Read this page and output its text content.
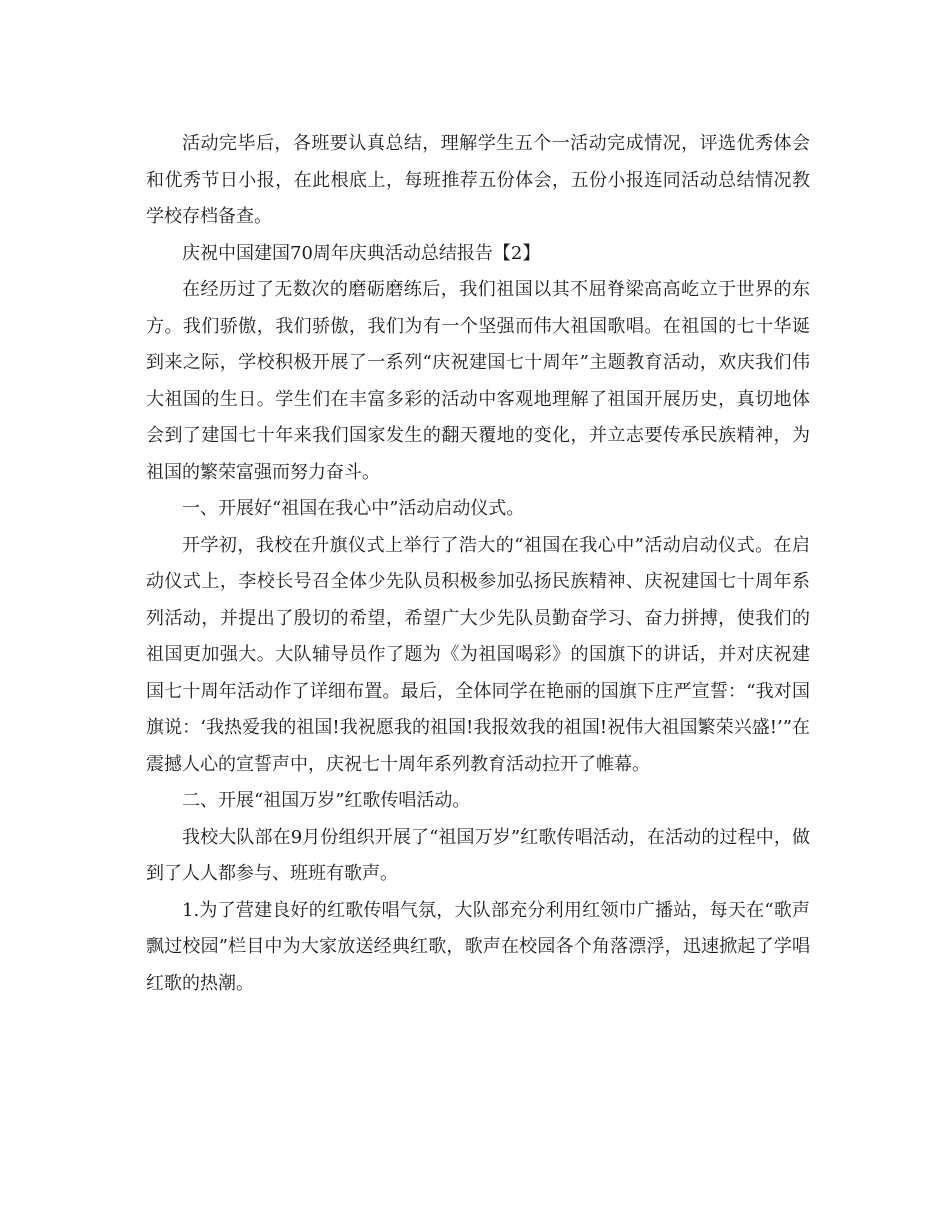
活动完毕后，各班要认真总结，理解学生五个一活动完成情况，评选优秀体会和优秀节日小报，在此根底上，每班推荐五份体会，五份小报连同活动总结情况教学校存档备查。

庆祝中国建国70周年庆典活动总结报告【2】

在经历过了无数次的磨砺磨练后，我们祖国以其不屈脊梁高高屹立于世界的东方。我们骄傲，我们骄傲，我们为有一个坚强而伟大祖国歌唱。在祖国的七十华诞到来之际，学校积极开展了一系列“庆祝建国七十周年”主题教育活动，欢庆我们伟大祖国的生日。学生们在丰富多彩的活动中客观地理解了祖国开展历史，真切地体会到了建国七十年来我们国家发生的翻天覆地的变化，并立志要传承民族精神，为祖国的繁荣富强而努力奋斗。

一、开展好“祖国在我心中”活动启动仪式。

开学初，我校在升旗仪式上举行了浩大的“祖国在我心中”活动启动仪式。在启动仪式上，李校长号召全体少先队员积极参加弘扬民族精神、庆祝建国七十周年系列活动，并提出了殷切的希望，希望广大少先队员勤奋学习、奋力拼搏，使我们的祖国更加强大。大队辅导员作了题为《为祖国喝彩》的国旗下的讲话，并对庆祝建国七十周年活动作了详细布置。最后，全体同学在艳丽的国旗下庄严宣誓：“我对国旗说：‘我热爱我的祖国!我祝愿我的祖国!我报效我的祖国!祝伟大祖国繁荣兴盛!’”在震撼人心的宣誓声中，庆祝七十周年系列教育活动拉开了帷幕。

二、开展“祖国万岁”红歌传唱活动。

我校大队部在9月份组织开展了“祖国万岁”红歌传唱活动，在活动的过程中，做到了人人都参与、班班有歌声。

1.为了营建良好的红歌传唱气氛，大队部充分利用红领巾广播站，每天在“歌声飘过校园”栏目中为大家放送经典红歌，歌声在校园各个角落漂浮，迅速掀起了学唱红歌的热潮。
